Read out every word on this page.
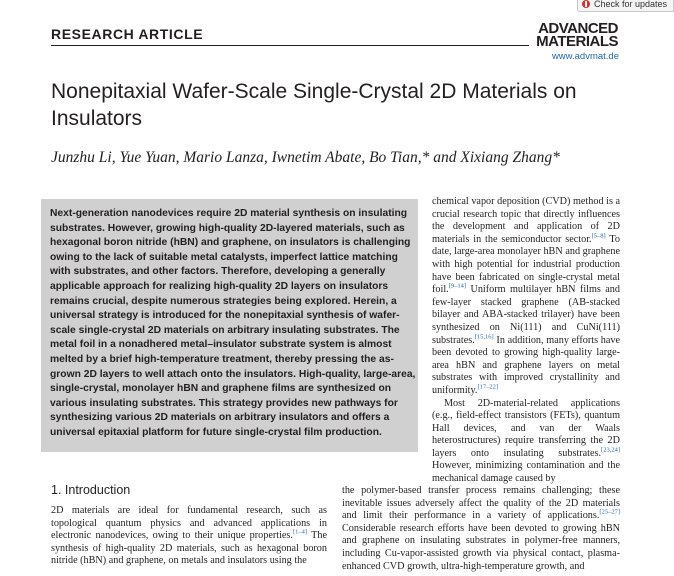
Check for updates
RESEARCH ARTICLE	ADVANCED
MATERIALS
www.advmat.de
Nonepitaxial Wafer-Scale Single-Crystal 2D Materials on Insulators
Junzhu Li, Yue Yuan, Mario Lanza, Iwnetim Abate, Bo Tian,* and Xixiang Zhang*

Next-generation nanodevices require 2D material synthesis on insulating substrates. However, growing high-quality 2D-layered materials, such as hexagonal boron nitride (hBN) and graphene, on insulators is challenging owing to the lack of suitable metal catalysts, imperfect lattice matching with substrates, and other factors. Therefore, developing a generally applicable approach for realizing high-quality 2D layers on insulators remains crucial, despite numerous strategies being explored. Herein, a universal strategy is introduced for the nonepitaxial synthesis of wafer-scale single-crystal 2D materials on arbitrary insulating substrates. The metal foil in a nonadhered metal–insulator substrate system is almost melted by a brief high-temperature treatment, thereby pressing the as-grown 2D layers to well attach onto the insulators. High-quality, large-area, single-crystal, monolayer hBN and graphene films are synthesized on various insulating substrates. This strategy provides new pathways for synthesizing various 2D materials on arbitrary insulators and offers a universal epitaxial platform for future single-crystal film production.

chemical vapor deposition (CVD) method is a crucial research topic that directly influences the development and application of 2D materials in the semiconductor sector.[5–8] To date, large-area monolayer hBN and graphene with high potential for industrial production have been fabricated on single-crystal metal foil.[9–14] Uniform multilayer hBN films and few-layer stacked graphene (AB-stacked bilayer and ABA-stacked trilayer) have been synthesized on Ni(111) and CuNi(111) substrates.[15,16] In addition, many efforts have been devoted to growing high-quality large-area hBN and graphene layers on metal substrates with improved crystallinity and uniformity.[17–22]

Most 2D-material-related applications (e.g., field-effect transistors (FETs), quantum Hall devices, and van der Waals heterostructures) require transferring the 2D layers onto insulating substrates.[23,24] However, minimizing contamination and the mechanical damage caused by

the polymer-based transfer process remains challenging; these inevitable issues adversely affect the quality of the 2D materials and limit their performance in a variety of applications.[25–27] Considerable research efforts have been devoted to growing hBN and graphene on insulating substrates in polymer-free manners, including Cu-vapor-assisted growth via physical contact, plasma-enhanced CVD growth, ultra-high-temperature growth, and

1. Introduction

2D materials are ideal for fundamental research, such as topological quantum physics and advanced applications in electronic nanodevices, owing to their unique properties.[1–4] The synthesis of high-quality 2D materials, such as hexagonal boron nitride (hBN) and graphene, on metals and insulators using the
